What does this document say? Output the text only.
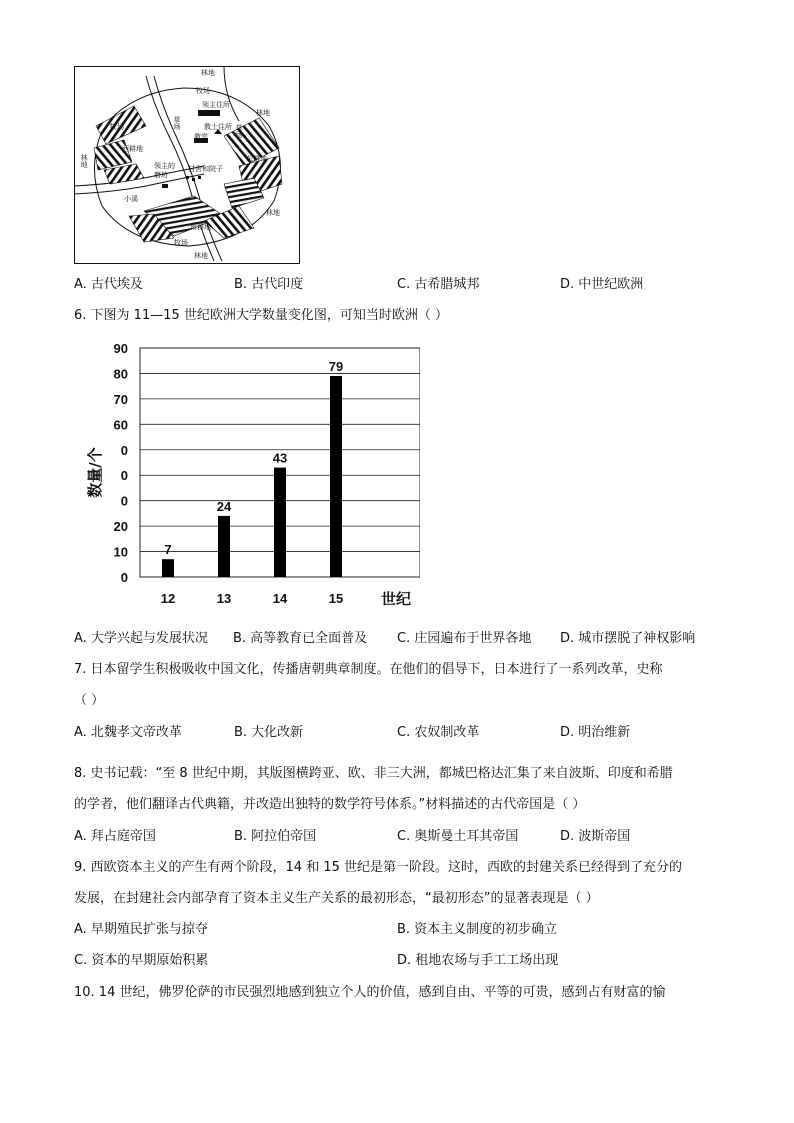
林地
牧场
领主住所
教士住所
教堂
草场
草场
林地
牧场
西耕地
林地	领主的磨坊
村舍和院子
小溪
东耕地
林地
南耕地
牧场
林地
A. 古代埃及	B. 古代印度	C. 古希腊城邦	D. 中世纪欧洲
6. 下图为 11—15 世纪欧洲大学数量变化图，可知当时欧洲（ ）
0
10
20
0
0
0
60
70
80
90
7
12
24
13
43
14
79
15	世纪
数量/个
A. 大学兴起与发展状况 B. 高等教育已全面普及 C. 庄园遍布于世界各地 D. 城市摆脱了神权影响
7. 日本留学生积极吸收中国文化，传播唐朝典章制度。在他们的倡导下，日本进行了一系列改革，史称
（ ）
A. 北魏孝文帝改革	B. 大化改新	C. 农奴制改革	D. 明治维新
8. 史书记载：“至 8 世纪中期，其版图横跨亚、欧、非三大洲，都城巴格达汇集了来自波斯、印度和希腊
的学者，他们翻译古代典籍，并改造出独特的数学符号体系。”材料描述的古代帝国是（ ）
A. 拜占庭帝国	B. 阿拉伯帝国	C. 奥斯曼土耳其帝国	D. 波斯帝国
9. 西欧资本主义的产生有两个阶段，14 和 15 世纪是第一阶段。这时，西欧的封建关系已经得到了充分的
发展，在封建社会内部孕育了资本主义生产关系的最初形态，“最初形态”的显著表现是（ ）
A. 早期殖民扩张与掠夺	B. 资本主义制度的初步确立
C. 资本的早期原始积累	D. 租地农场与手工工场出现
10. 14 世纪，佛罗伦萨的市民强烈地感到独立个人的价值，感到自由、平等的可贵，感到占有财富的愉
